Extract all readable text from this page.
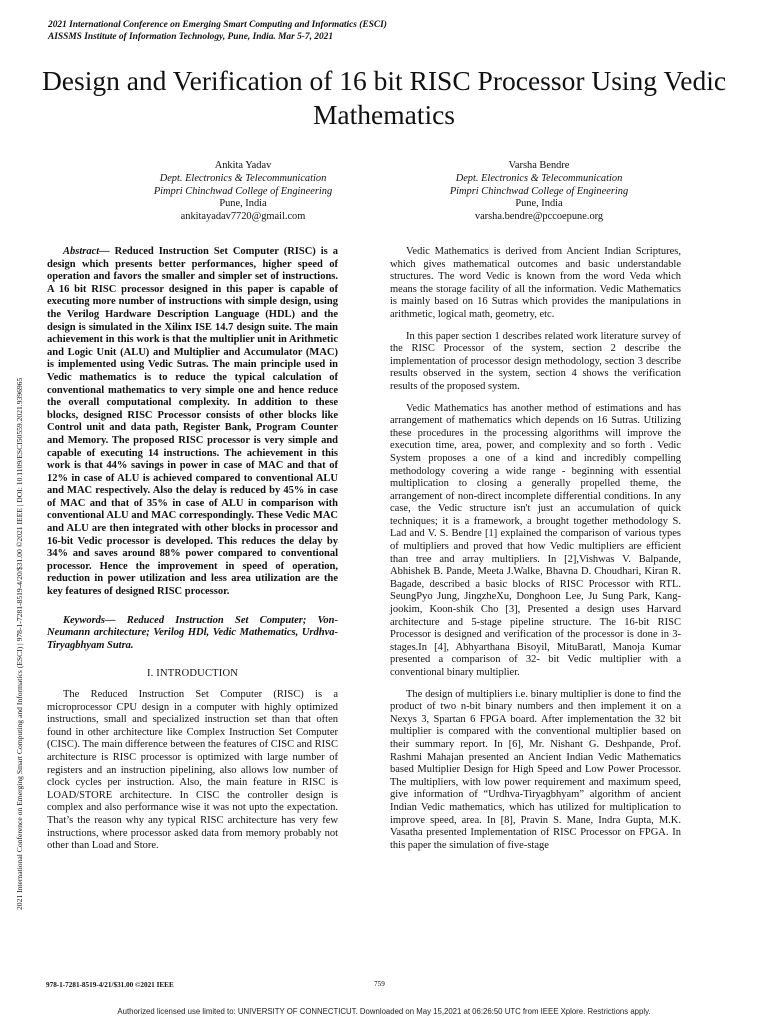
2021 International Conference on Emerging Smart Computing and Informatics (ESCI)
AISSMS Institute of Information Technology, Pune, India. Mar 5-7, 2021
2021 International Conference on Emerging Smart Computing and Informatics (ESCI) | 978-1-7281-8519-4/20/$31.00 ©2021 IEEE | DOI: 10.1109/ESCI50559.2021.9396965
Design and Verification of 16 bit RISC Processor Using Vedic Mathematics
Ankita Yadav
Dept. Electronics & Telecommunication
Pimpri Chinchwad College of Engineering
Pune, India
ankitayadav7720@gmail.com
Varsha Bendre
Dept. Electronics & Telecommunication
Pimpri Chinchwad College of Engineering
Pune, India
varsha.bendre@pccoepune.org

Abstract— Reduced Instruction Set Computer (RISC) is a design which presents better performances, higher speed of operation and favors the smaller and simpler set of instructions. A 16 bit RISC processor designed in this paper is capable of executing more number of instructions with simple design, using the Verilog Hardware Description Language (HDL) and the design is simulated in the Xilinx ISE 14.7 design suite. The main achievement in this work is that the multiplier unit in Arithmetic and Logic Unit (ALU) and Multiplier and Accumulator (MAC) is implemented using Vedic Sutras. The main principle used in Vedic mathematics is to reduce the typical calculation of conventional mathematics to very simple one and hence reduce the overall computational complexity. In addition to these blocks, designed RISC Processor consists of other blocks like Control unit and data path, Register Bank, Program Counter and Memory. The proposed RISC processor is very simple and capable of executing 14 instructions. The achievement in this work is that 44% savings in power in case of MAC and that of 12% in case of ALU is achieved compared to conventional ALU and MAC respectively. Also the delay is reduced by 45% in case of MAC and that of 35% in case of ALU in comparison with conventional ALU and MAC correspondingly. These Vedic MAC and ALU are then integrated with other blocks in processor and 16-bit Vedic processor is developed. This reduces the delay by 34% and saves around 88% power compared to conventional processor. Hence the improvement in speed of operation, reduction in power utilization and less area utilization are the key features of designed RISC processor.

Keywords— Reduced Instruction Set Computer; Von-Neumann architecture; Verilog HDl, Vedic Mathematics, Urdhva-Tiryagbhyam Sutra.

I. INTRODUCTION

The Reduced Instruction Set Computer (RISC) is a microprocessor CPU design in a computer with highly optimized instructions, small and specialized instruction set than that often found in other architecture like Complex Instruction Set Computer (CISC). The main difference between the features of CISC and RISC architecture is RISC processor is optimized with large number of registers and an instruction pipelining, also allows low number of clock cycles per instruction. Also, the main feature in RISC is LOAD/STORE architecture. In CISC the controller design is complex and also performance wise it was not upto the expectation. That’s the reason why any typical RISC architecture has very few instructions, where processor asked data from memory probably not other than Load and Store.

Vedic Mathematics is derived from Ancient Indian Scriptures, which gives mathematical outcomes and basic understandable structures. The word Vedic is known from the word Veda which means the storage facility of all the information. Vedic Mathematics is mainly based on 16 Sutras which provides the manipulations in arithmetic, logical math, geometry, etc.

In this paper section 1 describes related work literature survey of the RISC Processor of the system, section 2 describe the implementation of processor design methodology, section 3 describe results observed in the system, section 4 shows the verification results of the proposed system.

Vedic Mathematics has another method of estimations and has arrangement of mathematics which depends on 16 Sutras. Utilizing these procedures in the processing algorithms will improve the execution time, area, power, and complexity and so forth . Vedic System proposes a one of a kind and incredibly compelling methodology covering a wide range - beginning with essential multiplication to closing a generally propelled theme, the arrangement of non-direct incomplete differential conditions. In any case, the Vedic structure isn't just an accumulation of quick techniques; it is a framework, a brought together methodology S. Lad and V. S. Bendre [1] explained the comparison of various types of multipliers and proved that how Vedic multipliers are efficient than tree and array multipliers. In [2],Vishwas V. Balpande, Abhishek B. Pande, Meeta J.Walke, Bhavna D. Choudhari, Kiran R. Bagade, described a basic blocks of RISC Processor with RTL. SeungPyo Jung, JingzheXu, Donghoon Lee, Ju Sung Park, Kang-jookim, Koon-shik Cho [3], Presented a design uses Harvard architecture and 5-stage pipeline structure. The 16-bit RISC Processor is designed and verification of the processor is done in 3-stages.In [4], Abhyarthana Bisoyil, MituBaratl, Manoja Kumar presented a comparison of 32- bit Vedic multiplier with a conventional binary multiplier.

The design of multipliers i.e. binary multiplier is done to find the product of two n-bit binary numbers and then implement it on a Nexys 3, Spartan 6 FPGA board. After implementation the 32 bit multiplier is compared with the conventional multiplier based on their summary report. In [6], Mr. Nishant G. Deshpande, Prof. Rashmi Mahajan presented an Ancient Indian Vedic Mathematics based Multiplier Design for High Speed and Low Power Processor. The multipliers, with low power requirement and maximum speed, give information of “Urdhva-Tiryagbhyam” algorithm of ancient Indian Vedic mathematics, which has utilized for multiplication to improve speed, area. In [8], Pravin S. Mane, Indra Gupta, M.K. Vasatha presented Implementation of RISC Processor on FPGA. In this paper the simulation of five-stage

978-1-7281-8519-4/21/$31.00 ©2021 IEEE	759
Authorized licensed use limited to: UNIVERSITY OF CONNECTICUT. Downloaded on May 15,2021 at 06:26:50 UTC from IEEE Xplore. Restrictions apply.
